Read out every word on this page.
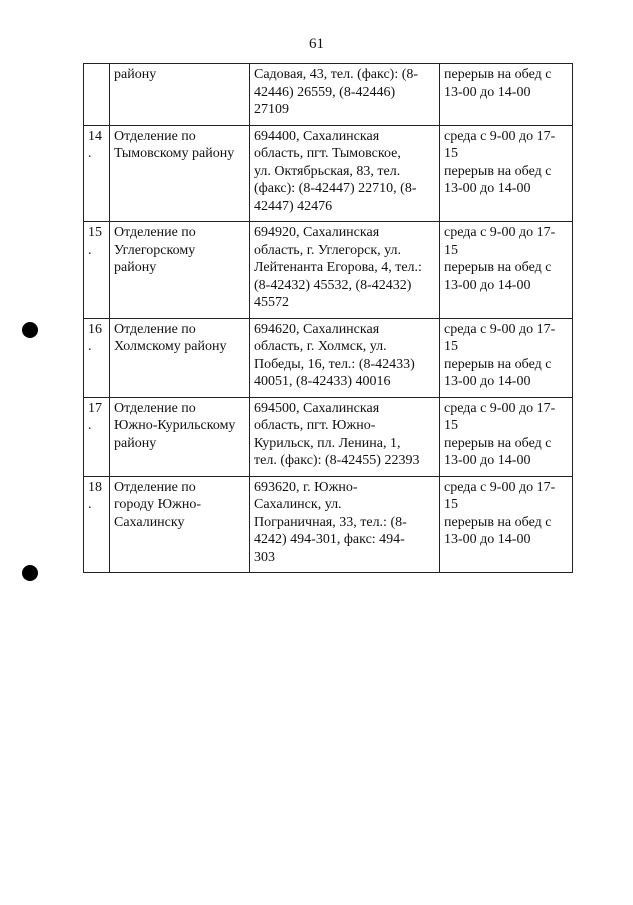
61
	району	Садовая, 43, тел. (факс): (8-
42446) 26559, (8-42446)
27109	перерыв на обед с
13-00 до 14-00
14
.	Отделение по
Тымовскому району	694400, Сахалинская
область, пгт. Тымовское,
ул. Октябрьская, 83, тел.
(факс): (8-42447) 22710, (8-
42447) 42476	среда с 9-00 до 17-
15
перерыв на обед с
13-00 до 14-00
15
.	Отделение по
Углегорскому
району	694920, Сахалинская
область, г. Углегорск, ул.
Лейтенанта Егорова, 4, тел.:
(8-42432) 45532, (8-42432)
45572	среда с 9-00 до 17-
15
перерыв на обед с
13-00 до 14-00
16
.	Отделение по
Холмскому району	694620, Сахалинская
область, г. Холмск, ул.
Победы, 16, тел.: (8-42433)
40051, (8-42433) 40016	среда с 9-00 до 17-
15
перерыв на обед с
13-00 до 14-00
17
.	Отделение по
Южно-Курильскому
району	694500, Сахалинская
область, пгт. Южно-
Курильск, пл. Ленина, 1,
тел. (факс): (8-42455) 22393	среда с 9-00 до 17-
15
перерыв на обед с
13-00 до 14-00
18
.	Отделение по
городу Южно-
Сахалинску	693620, г. Южно-
Сахалинск, ул.
Пограничная, 33, тел.: (8-
4242) 494-301, факс: 494-
303	среда с 9-00 до 17-
15
перерыв на обед с
13-00 до 14-00
